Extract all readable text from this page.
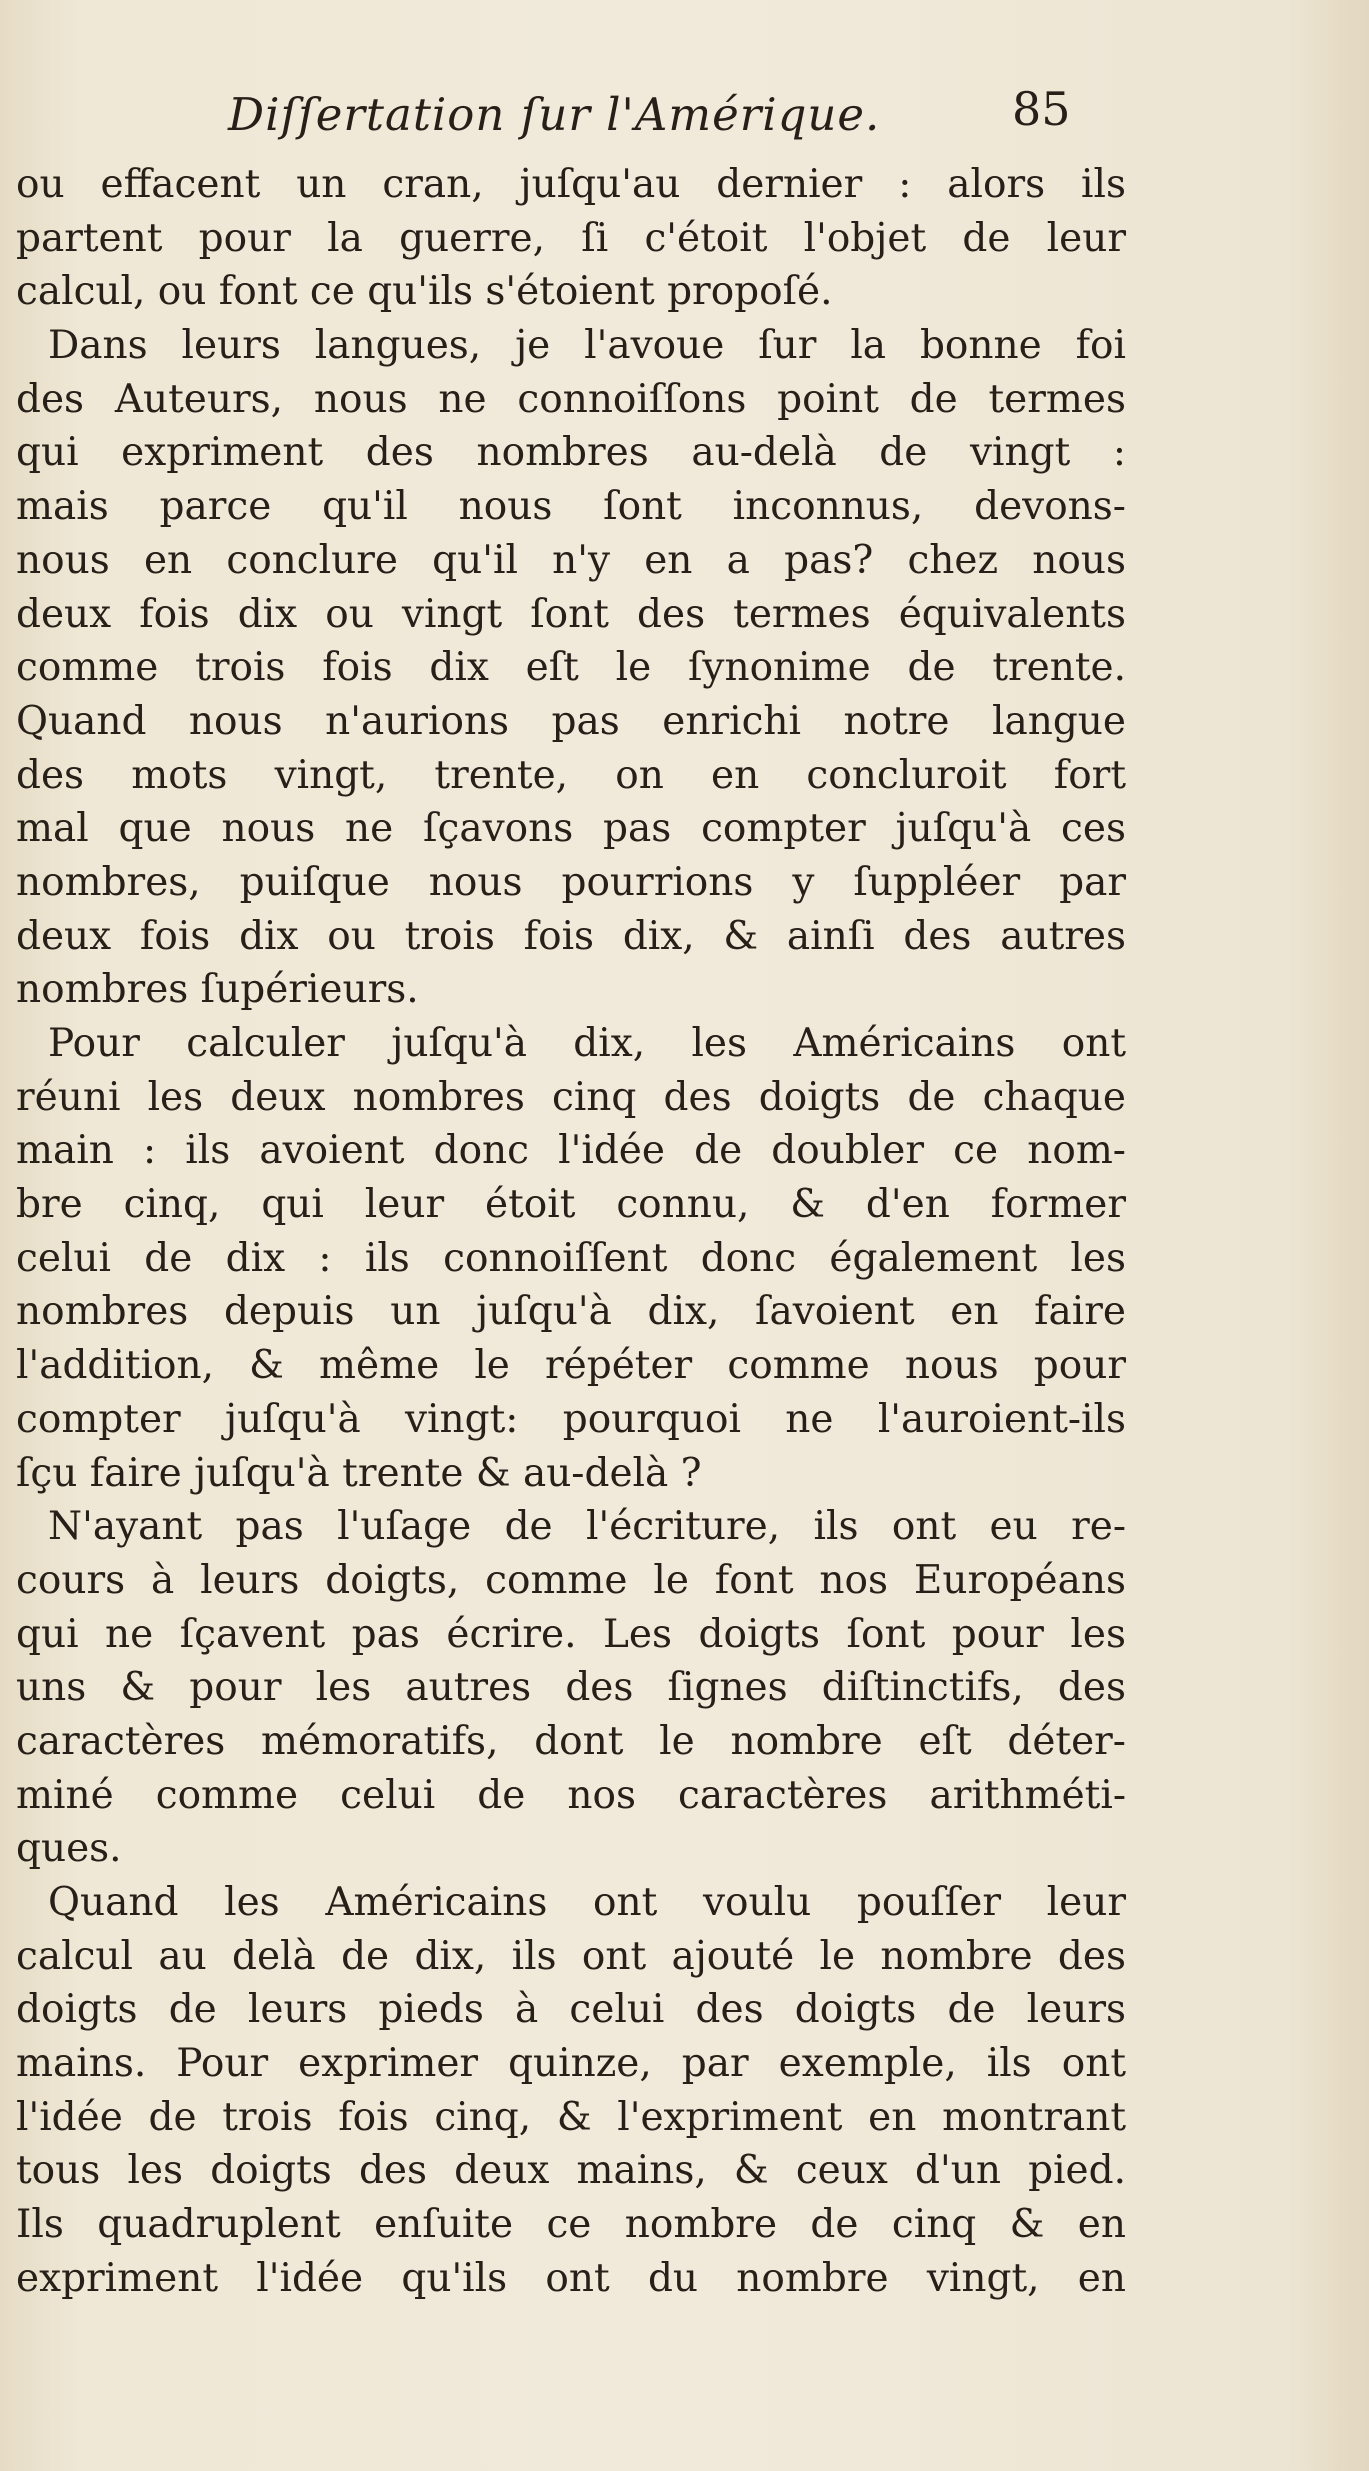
Diſſertation ſur l'Amérique.	85
ou effacent un cran, juſqu'au dernier : alors ils
partent pour la guerre, ſi c'étoit l'objet de leur
calcul, ou font ce qu'ils s'étoient propoſé.
Dans leurs langues, je l'avoue ſur la bonne foi
des Auteurs, nous ne connoiſſons point de termes
qui expriment des nombres au-delà de vingt :
mais parce qu'il nous ſont inconnus, devons-
nous en conclure qu'il n'y en a pas? chez nous
deux fois dix ou vingt ſont des termes équivalents
comme trois fois dix eſt le ſynonime de trente.
Quand nous n'aurions pas enrichi notre langue
des mots vingt, trente, on en concluroit fort
mal que nous ne ſçavons pas compter juſqu'à ces
nombres, puiſque nous pourrions y ſuppléer par
deux fois dix ou trois fois dix, & ainſi des autres
nombres ſupérieurs.
Pour calculer juſqu'à dix, les Américains ont
réuni les deux nombres cinq des doigts de chaque
main : ils avoient donc l'idée de doubler ce nom-
bre cinq, qui leur étoit connu, & d'en former
celui de dix : ils connoiſſent donc également les
nombres depuis un juſqu'à dix, ſavoient en faire
l'addition, & même le répéter comme nous pour
compter juſqu'à vingt: pourquoi ne l'auroient-ils
ſçu faire juſqu'à trente & au-delà ?
N'ayant pas l'uſage de l'écriture, ils ont eu re-
cours à leurs doigts, comme le font nos Européans
qui ne ſçavent pas écrire. Les doigts ſont pour les
uns & pour les autres des ſignes diſtinctifs, des
caractères mémoratifs, dont le nombre eſt déter-
miné comme celui de nos caractères arithméti-
ques.
Quand les Américains ont voulu pouſſer leur
calcul au delà de dix, ils ont ajouté le nombre des
doigts de leurs pieds à celui des doigts de leurs
mains. Pour exprimer quinze, par exemple, ils ont
l'idée de trois fois cinq, & l'expriment en montrant
tous les doigts des deux mains, & ceux d'un pied.
Ils quadruplent enſuite ce nombre de cinq & en
expriment l'idée qu'ils ont du nombre vingt, en
